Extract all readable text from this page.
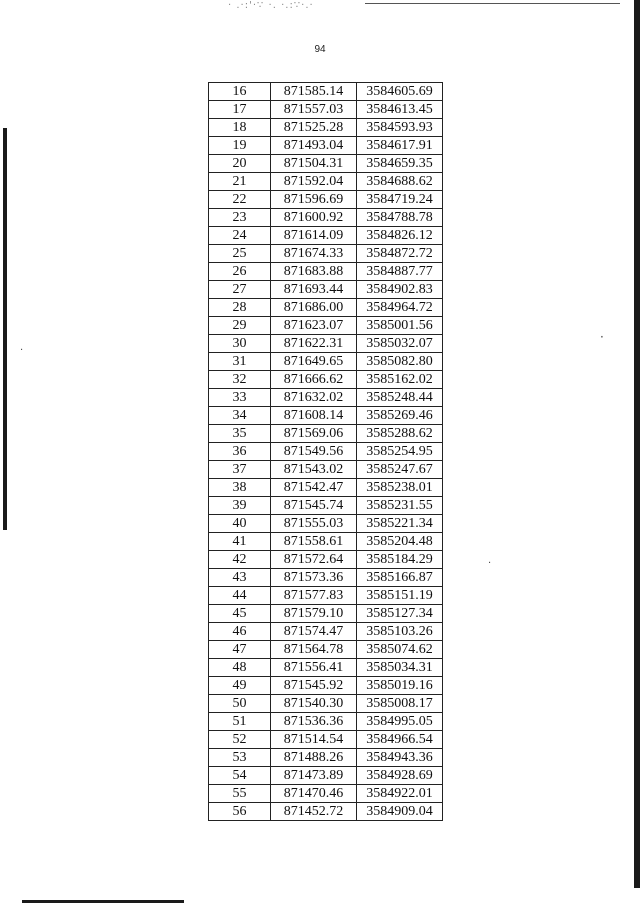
· .·:'·∵ ·. ·.:∵·.·
·
·
·
94
16	871585.14	3584605.69
17	871557.03	3584613.45
18	871525.28	3584593.93
19	871493.04	3584617.91
20	871504.31	3584659.35
21	871592.04	3584688.62
22	871596.69	3584719.24
23	871600.92	3584788.78
24	871614.09	3584826.12
25	871674.33	3584872.72
26	871683.88	3584887.77
27	871693.44	3584902.83
28	871686.00	3584964.72
29	871623.07	3585001.56
30	871622.31	3585032.07
31	871649.65	3585082.80
32	871666.62	3585162.02
33	871632.02	3585248.44
34	871608.14	3585269.46
35	871569.06	3585288.62
36	871549.56	3585254.95
37	871543.02	3585247.67
38	871542.47	3585238.01
39	871545.74	3585231.55
40	871555.03	3585221.34
41	871558.61	3585204.48
42	871572.64	3585184.29
43	871573.36	3585166.87
44	871577.83	3585151.19
45	871579.10	3585127.34
46	871574.47	3585103.26
47	871564.78	3585074.62
48	871556.41	3585034.31
49	871545.92	3585019.16
50	871540.30	3585008.17
51	871536.36	3584995.05
52	871514.54	3584966.54
53	871488.26	3584943.36
54	871473.89	3584928.69
55	871470.46	3584922.01
56	871452.72	3584909.04
